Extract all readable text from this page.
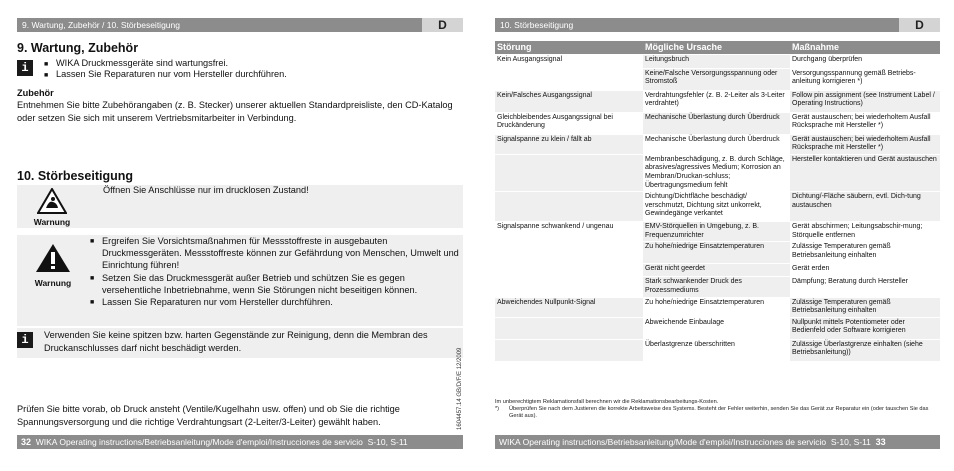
9. Wartung, Zubehör / 10. Störbeseitigung	D
9. Wartung, Zubehör
i	■ WIKA Druckmessgeräte sind wartungsfrei.
■ Lassen Sie Reparaturen nur vom Hersteller durchführen.
Zubehör
Entnehmen Sie bitte Zubehörangaben (z. B. Stecker) unserer aktuellen Standardpreisliste, den CD-Katalog oder setzen Sie sich mit unserem Vertriebsmitarbeiter in Verbindung.
10. Störbeseitigung
Warnung
Öffnen Sie Anschlüsse nur im drucklosen Zustand!
Warnung
■ Ergreifen Sie Vorsichtsmaßnahmen für Messstoffreste in ausgebauten Druckmessgeräten. Messstoffreste können zur Gefährdung von Menschen, Umwelt und Einrichtung führen!
■ Setzen Sie das Druckmessgerät außer Betrieb und schützen Sie es gegen versehentliche Inbetriebnahme, wenn Sie Störungen nicht beseitigen können.
■ Lassen Sie Reparaturen nur vom Hersteller durchführen.
i	Verwenden Sie keine spitzen bzw. harten Gegenstände zur Reinigung, denn die Membran des Druckanschlusses darf nicht beschädigt werden.
Prüfen Sie bitte vorab, ob Druck ansteht (Ventile/Kugelhahn usw. offen) und ob Sie die richtige Spannungsversorgung und die richtige Verdrahtungsart (2-Leiter/3-Leiter) gewählt haben.	1604457.14 GB/D/F/E 12/2009
32 WIKA Operating instructions/Betriebsanleitung/Mode d'emploi/Instrucciones de servicio S-10, S-11
10. Störbeseitigung	D
Störung	Mögliche Ursache	Maßnahme
Kein Ausgangssignal	Leitungsbruch	Durchgang überprüfen
	Keine/Falsche Versorgungsspannung oder Stromstoß	Versorgungsspannung gemäß Betriebs-anleitung korrigieren *)
Kein/Falsches Ausgangssignal	Verdrahtungsfehler (z. B. 2-Leiter als 3-Leiter verdrahtet)	Follow pin assignment (see Instrument Label / Operating Instructions)
Gleichbleibendes Ausgangssignal bei Druckänderung	Mechanische Überlastung durch Überdruck	Gerät austauschen; bei wiederholtem Ausfall Rücksprache mit Hersteller *)
Signalspanne zu klein / fällt ab	Mechanische Überlastung durch Überdruck	Gerät austauschen; bei wiederholtem Ausfall Rücksprache mit Hersteller *)
	Membranbeschädigung, z. B. durch Schläge, abrasives/agressives Medium; Korrosion an Membran/Druckan-schluss; Übertragungsmedium fehlt	Hersteller kontaktieren und Gerät austauschen
	Dichtung/Dichtfläche beschädigt/ verschmutzt, Dichtung sitzt unkorrekt, Gewindegänge verkantet	Dichtung/-Fläche säubern, evtl. Dich-tung austauschen
Signalspanne schwankend / ungenau	EMV-Störquellen in Umgebung, z. B. Frequenzumrichter	Gerät abschirmen; Leitungsabschir-mung; Störquelle entfernen
	Zu hohe/niedrige Einsatztemperaturen	Zulässige Temperaturen gemäß Betriebsanleitung einhalten
	Gerät nicht geerdet	Gerät erden
	Stark schwankender Druck des Prozessmediums	Dämpfung; Beratung durch Hersteller
Abweichendes Nullpunkt-Signal	Zu hohe/niedrige Einsatztemperaturen	Zulässige Temperaturen gemäß Betriebsanleitung einhalten
	Abweichende Einbaulage	Nullpunkt mittels Potentiometer oder Bedienfeld oder Software korrigieren
	Überlastgrenze überschritten	Zulässige Überlastgrenze einhalten (siehe Betriebsanleitung))
Im unberechtigtem Reklamationsfall berechnen wir die Reklamationsbearbeitungs-Kosten.
*)	Überprüfen Sie nach dem Justieren die korrekte Arbeitsweise des Systems. Besteht der Fehler weiterhin, senden Sie das Gerät zur Reparatur ein (oder tauschen Sie das Gerät aus).
WIKA Operating instructions/Betriebsanleitung/Mode d'emploi/Instrucciones de servicio S-10, S-11 33
